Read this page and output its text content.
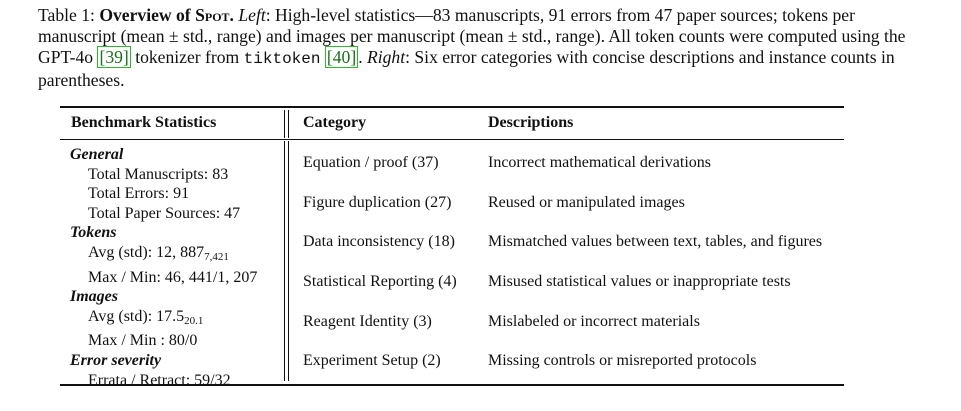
Table 1: Overview of Spot. Left: High-level statistics—83 manuscripts, 91 errors from 47 paper sources; tokens per manuscript (mean ± std., range) and images per manuscript (mean ± std., range). All token counts were computed using the GPT-4o [39] tokenizer from tiktoken [40] . Right: Six error categories with concise descriptions and instance counts in parentheses.

Benchmark Statistics	Category	Descriptions
General
Total Manuscripts: 83
Total Errors: 91
Total Paper Sources: 47
Tokens
Avg (std): 12, $887_{7,421}$
Max / Min: 46, 441/1, 207
Images
Avg (std): $17.5_{20.1}$
Max / Min : 80/0
Error severity
Errata / Retract: 59/32
Equation / proof (37)	Incorrect mathematical derivations
Figure duplication (27) Reused or manipulated images
Data inconsistency (18) Mismatched values between text, tables, and figures
Statistical Reporting (4) Misused statistical values or inappropriate tests
Reagent Identity (3)	Mislabeled or incorrect materials
Experiment Setup (2)	Missing controls or misreported protocols
